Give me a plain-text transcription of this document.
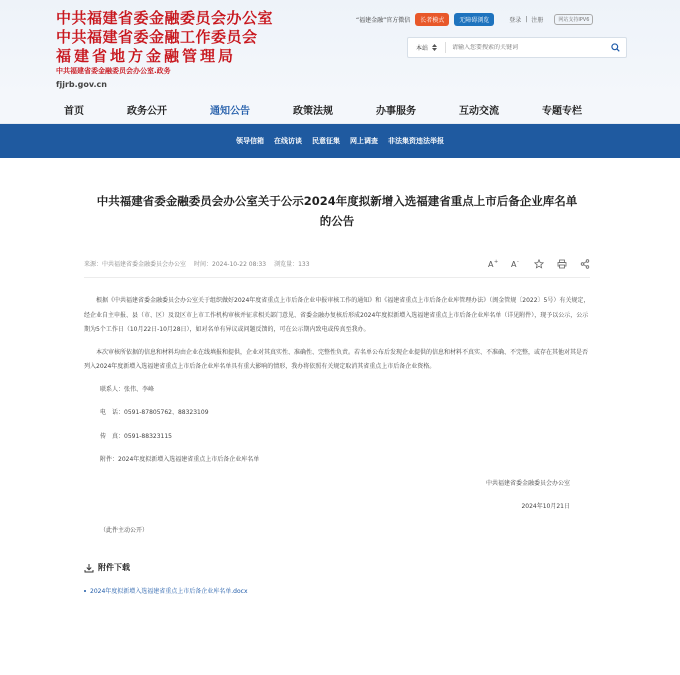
中共福建省委金融委员会办公室
中共福建省委金融工作委员会
福建省地方金融管理局
中共福建省委金融委员会办公室.政务
fjjrb.gov.cn
“福建金融”官方微信	长者模式	无障碍浏览	登录 | 注册	网站支持IPV6
本站
请输入您要搜索的关键词
首页	政务公开	通知公告	政策法规	办事服务	互动交流	专题专栏
领导信箱 在线访谈 民意征集 网上调查 非法集资违法举报
中共福建省委金融委员会办公室关于公示2024年度拟新增入选福建省重点上市后备企业库名单的公告
来源：中共福建省委金融委员会办公室 时间：2024-10-22 08:33 浏览量：133	A + A -

根据《中共福建省委金融委员会办公室关于组织做好2024年度省重点上市后备企业申报审核工作的通知》和《福建省重点上市后备企业库管理办法》（闽金管规〔2022〕5号）有关规定，经企业自主申报、县（市、区）及设区市上市工作机构审核并征求相关部门意见、省委金融办复核后形成2024年度拟新增入选福建省重点上市后备企业库名单（详见附件），现予以公示，公示期为5个工作日（10月22日-10月28日），如对名单有异议或问题反馈的，可在公示期内致电或传真至我办。

本次审核所依据的信息和材料均由企业在线填报和提供，企业对其真实性、准确性、完整性负责。若名单公布后发现企业提供的信息和材料不真实、不准确、不完整，或存在其他对其是否列入2024年度新增入选福建省重点上市后备企业库名单具有重大影响的情形，我办将依照有关规定取消其省重点上市后备企业资格。

联系人：张伟、李峰

电　话：0591-87805762、88323109

传　真：0591-88323115

附件：2024年度拟新增入选福建省重点上市后备企业库名单

中共福建省委金融委员会办公室

2024年10月21日

（此件主动公开）

附件下载
2024年度拟新增入选福建省重点上市后备企业库名单.docx
